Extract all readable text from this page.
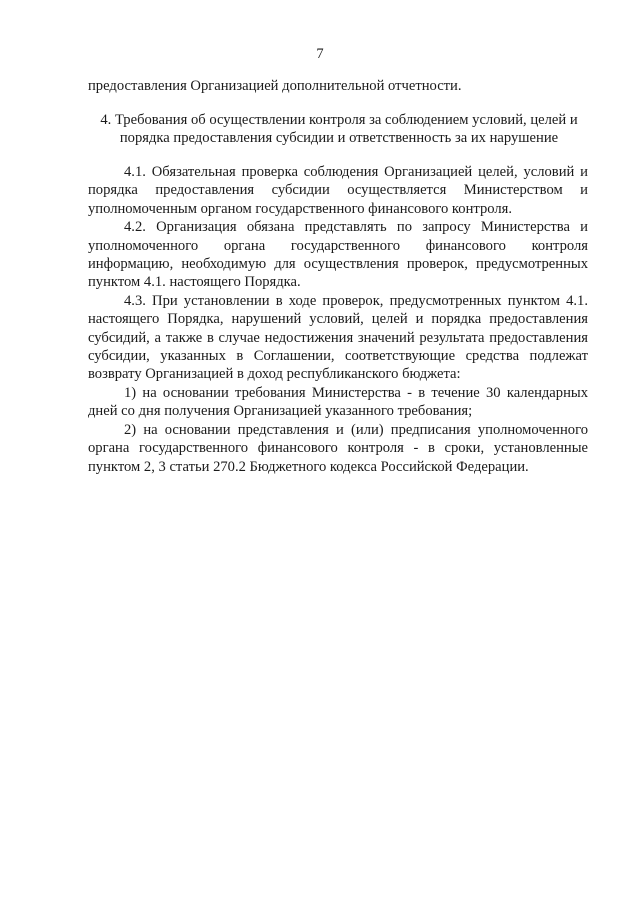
7
предоставления Организацией дополнительной отчетности.
4. Требования об осуществлении контроля за соблюдением условий, целей и порядка предоставления субсидии и ответственность за их нарушение

4.1. Обязательная проверка соблюдения Организацией целей, условий и порядка предоставления субсидии осуществляется Министерством и уполномоченным органом государственного финансового контроля.

4.2. Организация обязана представлять по запросу Министерства и уполномоченного органа государственного финансового контроля информацию, необходимую для осуществления проверок, предусмотренных пунктом 4.1. настоящего Порядка.

4.3. При установлении в ходе проверок, предусмотренных пунктом 4.1. настоящего Порядка, нарушений условий, целей и порядка предоставления субсидий, а также в случае недостижения значений результата предоставления субсидии, указанных в Соглашении, соответствующие средства подлежат возврату Организацией в доход республиканского бюджета:

1) на основании требования Министерства - в течение 30 календарных дней со дня получения Организацией указанного требования;

2) на основании представления и (или) предписания уполномоченного органа государственного финансового контроля - в сроки, установленные пунктом 2, 3 статьи 270.2 Бюджетного кодекса Российской Федерации.
